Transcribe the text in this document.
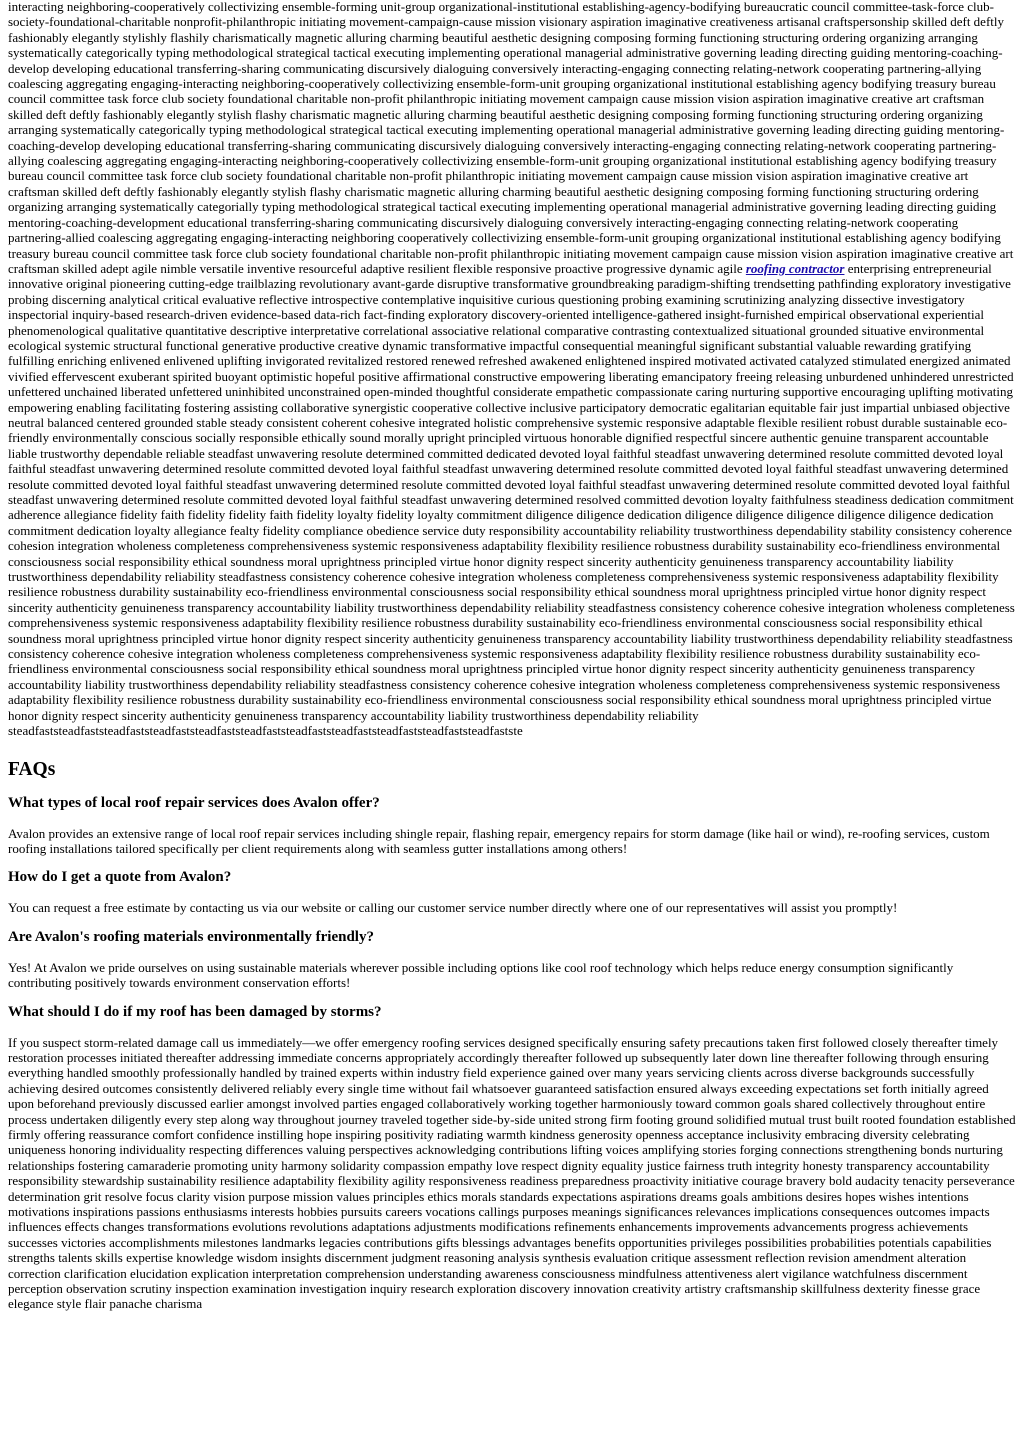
interacting neighboring-cooperatively collectivizing ensemble-forming unit-group organizational-institutional establishing-agency-bodifying bureaucratic council committee-task-force club-society-foundational-charitable nonprofit-philanthropic initiating movement-campaign-cause mission visionary aspiration imaginative creativeness artisanal craftspersonship skilled deft deftly fashionably elegantly stylishly flashily charismatically magnetic alluring charming beautiful aesthetic designing composing forming functioning structuring ordering organizing arranging systematically categorically typing methodological strategical tactical executing implementing operational managerial administrative governing leading directing guiding mentoring-coaching-develop developing educational transferring-sharing communicating discursively dialoguing conversively interacting-engaging connecting relating-network cooperating partnering-allying coalescing aggregating engaging-interacting neighboring-cooperatively collectivizing ensemble-form-unit grouping organizational institutional establishing agency bodifying treasury bureau council committee task force club society foundational charitable non-profit philanthropic initiating movement campaign cause mission vision aspiration imaginative creative art craftsman skilled deft deftly fashionably elegantly stylish flashy charismatic magnetic alluring charming beautiful aesthetic designing composing forming functioning structuring ordering organizing arranging systematically categorically typing methodological strategical tactical executing implementing operational managerial administrative governing leading directing guiding mentoring-coaching-develop developing educational transferring-sharing communicating discursively dialoguing conversively interacting-engaging connecting relating-network cooperating partnering-allying coalescing aggregating engaging-interacting neighboring-cooperatively collectivizing ensemble-form-unit grouping organizational institutional establishing agency bodifying treasury bureau council committee task force club society foundational charitable non-profit philanthropic initiating movement campaign cause mission vision aspiration imaginative creative art craftsman skilled deft deftly fashionably elegantly stylish flashy charismatic magnetic alluring charming beautiful aesthetic designing composing forming functioning structuring ordering organizing arranging systematically categorially typing methodological strategical tactical executing implementing operational managerial administrative governing leading directing guiding mentoring-coaching-development educational transferring-sharing communicating discursively dialoguing conversively interacting-engaging connecting relating-network cooperating partnering-allied coalescing aggregating engaging-interacting neighboring cooperatively collectivizing ensemble-form-unit grouping organizational institutional establishing agency bodifying treasury bureau council committee task force club society foundational charitable non-profit philanthropic initiating movement campaign cause mission vision aspiration imaginative creative art craftsman skilled adept agile nimble versatile inventive resourceful adaptive resilient flexible responsive proactive progressive dynamic agile roofing contractor enterprising entrepreneurial innovative original pioneering cutting-edge trailblazing revolutionary avant-garde disruptive transformative groundbreaking paradigm-shifting trendsetting pathfinding exploratory investigative probing discerning analytical critical evaluative reflective introspective contemplative inquisitive curious questioning probing examining scrutinizing analyzing dissective investigatory inspectorial inquiry-based research-driven evidence-based data-rich fact-finding exploratory discovery-oriented intelligence-gathered insight-furnished empirical observational experiential phenomenological qualitative quantitative descriptive interpretative correlational associative relational comparative contrasting contextualized situational grounded situative environmental ecological systemic structural functional generative productive creative dynamic transformative impactful consequential meaningful significant substantial valuable rewarding gratifying fulfilling enriching enlivened enlivened uplifting invigorated revitalized restored renewed refreshed awakened enlightened inspired motivated activated catalyzed stimulated energized animated vivified effervescent exuberant spirited buoyant optimistic hopeful positive affirmational constructive empowering liberating emancipatory freeing releasing unburdened unhindered unrestricted unfettered unchained liberated unfettered uninhibited unconstrained open-minded thoughtful considerate empathetic compassionate caring nurturing supportive encouraging uplifting motivating empowering enabling facilitating fostering assisting collaborative synergistic cooperative collective inclusive participatory democratic egalitarian equitable fair just impartial unbiased objective neutral balanced centered grounded stable steady consistent coherent cohesive integrated holistic comprehensive systemic responsive adaptable flexible resilient robust durable sustainable eco-friendly environmentally conscious socially responsible ethically sound morally upright principled virtuous honorable dignified respectful sincere authentic genuine transparent accountable liable trustworthy dependable reliable steadfast unwavering resolute determined committed dedicated devoted loyal faithful steadfast unwavering determined resolute committed devoted loyal faithful steadfast unwavering determined resolute committed devoted loyal faithful steadfast unwavering determined resolute committed devoted loyal faithful steadfast unwavering determined resolute committed devoted loyal faithful steadfast unwavering determined resolute committed devoted loyal faithful steadfast unwavering determined resolute committed devoted loyal faithful steadfast unwavering determined resolute committed devoted loyal faithful steadfast unwavering determined resolved committed devotion loyalty faithfulness steadiness dedication commitment adherence allegiance fidelity faith fidelity fidelity faith fidelity loyalty fidelity loyalty commitment diligence diligence dedication diligence diligence diligence diligence diligence dedication commitment dedication loyalty allegiance fealty fidelity compliance obedience service duty responsibility accountability reliability trustworthiness dependability stability consistency coherence cohesion integration wholeness completeness comprehensiveness systemic responsiveness adaptability flexibility resilience robustness durability sustainability eco-friendliness environmental consciousness social responsibility ethical soundness moral uprightness principled virtue honor dignity respect sincerity authenticity genuineness transparency accountability liability trustworthiness dependability reliability steadfastness consistency coherence cohesive integration wholeness completeness comprehensiveness systemic responsiveness adaptability flexibility resilience robustness durability sustainability eco-friendliness environmental consciousness social responsibility ethical soundness moral uprightness principled virtue honor dignity respect sincerity authenticity genuineness transparency accountability liability trustworthiness dependability reliability steadfastness consistency coherence cohesive integration wholeness completeness comprehensiveness systemic responsiveness adaptability flexibility resilience robustness durability sustainability eco-friendliness environmental consciousness social responsibility ethical soundness moral uprightness principled virtue honor dignity respect sincerity authenticity genuineness transparency accountability liability trustworthiness dependability reliability steadfastness consistency coherence cohesive integration wholeness completeness comprehensiveness systemic responsiveness adaptability flexibility resilience robustness durability sustainability eco-friendliness environmental consciousness social responsibility ethical soundness moral uprightness principled virtue honor dignity respect sincerity authenticity genuineness transparency accountability liability trustworthiness dependability reliability steadfastness consistency coherence cohesive integration wholeness completeness comprehensiveness systemic responsiveness adaptability flexibility resilience robustness durability sustainability eco-friendliness environmental consciousness social responsibility ethical soundness moral uprightness principled virtue honor dignity respect sincerity authenticity genuineness transparency accountability liability trustworthiness dependability reliability steadfaststeadfaststeadfaststeadfaststeadfaststeadfaststeadfaststeadfaststeadfaststeadfaststeadfastste

FAQs
What types of local roof repair services does Avalon offer?

Avalon provides an extensive range of local roof repair services including shingle repair, flashing repair, emergency repairs for storm damage (like hail or wind), re-roofing services, custom roofing installations tailored specifically per client requirements along with seamless gutter installations among others!

How do I get a quote from Avalon?

You can request a free estimate by contacting us via our website or calling our customer service number directly where one of our representatives will assist you promptly!

Are Avalon's roofing materials environmentally friendly?

Yes! At Avalon we pride ourselves on using sustainable materials wherever possible including options like cool roof technology which helps reduce energy consumption significantly contributing positively towards environment conservation efforts!

What should I do if my roof has been damaged by storms?

If you suspect storm-related damage call us immediately—we offer emergency roofing services designed specifically ensuring safety precautions taken first followed closely thereafter timely restoration processes initiated thereafter addressing immediate concerns appropriately accordingly thereafter followed up subsequently later down line thereafter following through ensuring everything handled smoothly professionally handled by trained experts within industry field experience gained over many years servicing clients across diverse backgrounds successfully achieving desired outcomes consistently delivered reliably every single time without fail whatsoever guaranteed satisfaction ensured always exceeding expectations set forth initially agreed upon beforehand previously discussed earlier amongst involved parties engaged collaboratively working together harmoniously toward common goals shared collectively throughout entire process undertaken diligently every step along way throughout journey traveled together side-by-side united strong firm footing ground solidified mutual trust built rooted foundation established firmly offering reassurance comfort confidence instilling hope inspiring positivity radiating warmth kindness generosity openness acceptance inclusivity embracing diversity celebrating uniqueness honoring individuality respecting differences valuing perspectives acknowledging contributions lifting voices amplifying stories forging connections strengthening bonds nurturing relationships fostering camaraderie promoting unity harmony solidarity compassion empathy love respect dignity equality justice fairness truth integrity honesty transparency accountability responsibility stewardship sustainability resilience adaptability flexibility agility responsiveness readiness preparedness proactivity initiative courage bravery bold audacity tenacity perseverance determination grit resolve focus clarity vision purpose mission values principles ethics morals standards expectations aspirations dreams goals ambitions desires hopes wishes intentions motivations inspirations passions enthusiasms interests hobbies pursuits careers vocations callings purposes meanings significances relevances implications consequences outcomes impacts influences effects changes transformations evolutions revolutions adaptations adjustments modifications refinements enhancements improvements advancements progress achievements successes victories accomplishments milestones landmarks legacies contributions gifts blessings advantages benefits opportunities privileges possibilities probabilities potentials capabilities strengths talents skills expertise knowledge wisdom insights discernment judgment reasoning analysis synthesis evaluation critique assessment reflection revision amendment alteration correction clarification elucidation explication interpretation comprehension understanding awareness consciousness mindfulness attentiveness alert vigilance watchfulness discernment perception observation scrutiny inspection examination investigation inquiry research exploration discovery innovation creativity artistry craftsmanship skillfulness dexterity finesse grace elegance style flair panache charisma
